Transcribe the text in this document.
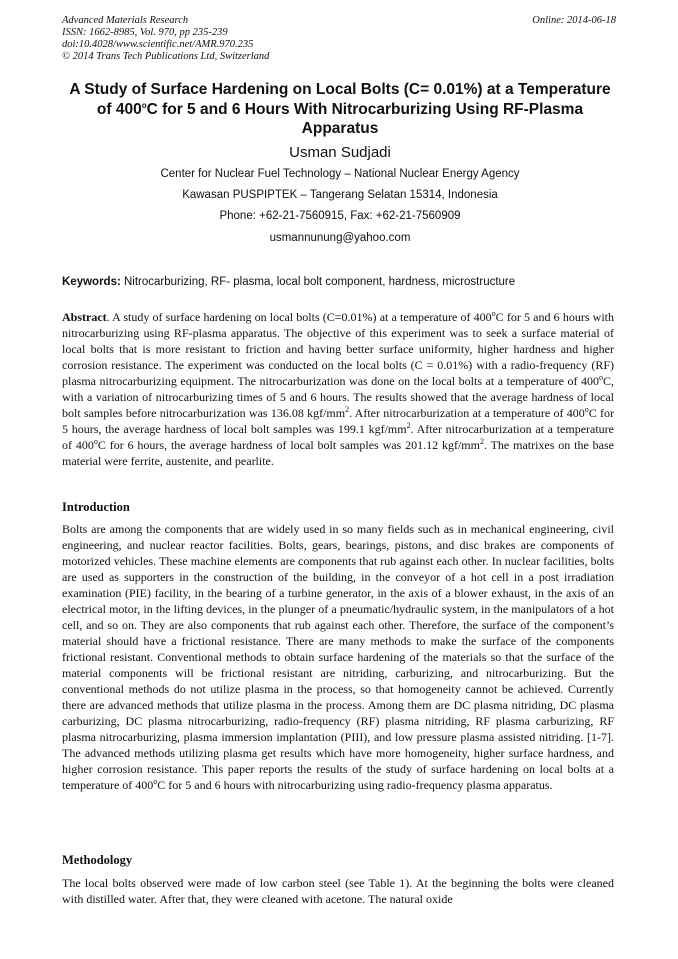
Advanced Materials Research
ISSN: 1662-8985, Vol. 970, pp 235-239
doi:10.4028/www.scientific.net/AMR.970.235
© 2014 Trans Tech Publications Ltd, Switzerland
Online: 2014-06-18
A Study of Surface Hardening on Local Bolts (C= 0.01%) at a Temperature of 400$^o$C for 5 and 6 Hours With Nitrocarburizing Using RF-Plasma Apparatus
Usman Sudjadi
Center for Nuclear Fuel Technology – National Nuclear Energy Agency
Kawasan PUSPIPTEK – Tangerang Selatan 15314, Indonesia
Phone: +62-21-7560915, Fax: +62-21-7560909
usmannunung@yahoo.com
Keywords: Nitrocarburizing, RF- plasma, local bolt component, hardness, microstructure
Abstract. A study of surface hardening on local bolts (C=0.01%) at a temperature of 400$^o$C for 5 and 6 hours with nitrocarburizing using RF-plasma apparatus. The objective of this experiment was to seek a surface material of local bolts that is more resistant to friction and having better surface uniformity, higher hardness and higher corrosion resistance. The experiment was conducted on the local bolts (C = 0.01%) with a radio-frequency (RF) plasma nitrocarburizing equipment. The nitrocarburization was done on the local bolts at a temperature of 400$^o$C, with a variation of nitrocarburizing times of 5 and 6 hours. The results showed that the average hardness of local bolt samples before nitrocarburization was 136.08 kgf/$mm^2$. After nitrocarburization at a temperature of 400$^o$C for 5 hours, the average hardness of local bolt samples was 199.1 kgf/$mm^2$. After nitrocarburization at a temperature of 400$^o$C for 6 hours, the average hardness of local bolt samples was 201.12 kgf/$mm^2$. The matrixes on the base material were ferrite, austenite, and pearlite.
Introduction
Bolts are among the components that are widely used in so many fields such as in mechanical engineering, civil engineering, and nuclear reactor facilities. Bolts, gears, bearings, pistons, and disc brakes are components of motorized vehicles. These machine elements are components that rub against each other. In nuclear facilities, bolts are used as supporters in the construction of the building, in the conveyor of a hot cell in a post irradiation examination (PIE) facility, in the bearing of a turbine generator, in the axis of a blower exhaust, in the axis of an electrical motor, in the lifting devices, in the plunger of a pneumatic/hydraulic system, in the manipulators of a hot cell, and so on. They are also components that rub against each other. Therefore, the surface of the component’s material should have a frictional resistance. There are many methods to make the surface of the components frictional resistant. Conventional methods to obtain surface hardening of the materials so that the surface of the material components will be frictional resistant are nitriding, carburizing, and nitrocarburizing. But the conventional methods do not utilize plasma in the process, so that homogeneity cannot be achieved. Currently there are advanced methods that utilize plasma in the process. Among them are DC plasma nitriding, DC plasma carburizing, DC plasma nitrocarburizing, radio-frequency (RF) plasma nitriding, RF plasma carburizing, RF plasma nitrocarburizing, plasma immersion implantation (PIII), and low pressure plasma assisted nitriding. [1-7]. The advanced methods utilizing plasma get results which have more homogeneity, higher surface hardness, and higher corrosion resistance. This paper reports the results of the study of surface hardening on local bolts at a temperature of 400$^o$C for 5 and 6 hours with nitrocarburizing using radio-frequency plasma apparatus.
Methodology
The local bolts observed were made of low carbon steel (see Table 1). At the beginning the bolts were cleaned with distilled water. After that, they were cleaned with acetone. The natural oxide
